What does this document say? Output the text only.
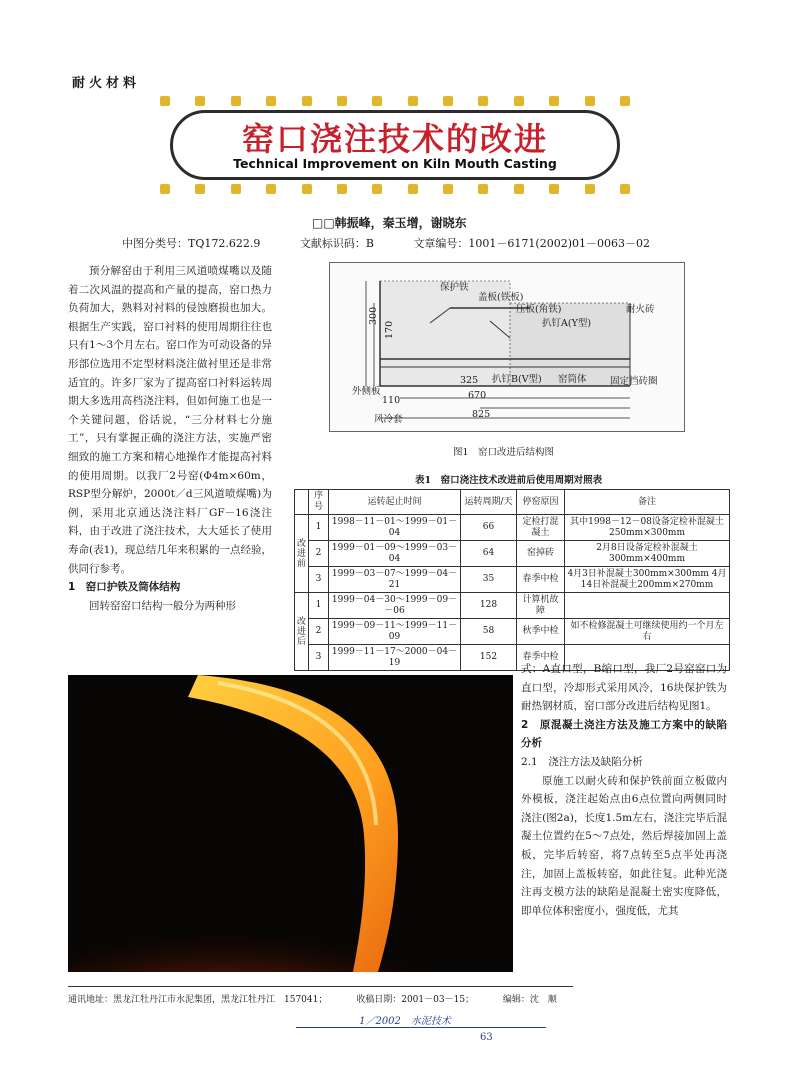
耐火材料
窑口浇注技术的改进
Technical Improvement on Kiln Mouth Casting
□□韩振峰，秦玉增，谢晓东
中图分类号：TQ172.622.9	文献标识码：B	文章编号：1001－6171(2002)01－0063－02

预分解窑由于利用三风道喷煤嘴以及随着二次风温的提高和产量的提高，窑口热力负荷加大，熟料对衬料的侵蚀磨损也加大。根据生产实践，窑口衬料的使用周期往往也只有1～3个月左右。窑口作为可动设备的异形部位选用不定型材料浇注做衬里还是非常适宜的。许多厂家为了提高窑口衬料运转周期大多选用高档浇注料，但如何施工也是一个关键问题，俗话说，“三分材料七分施工”，只有掌握正确的浇注方法，实施严密细致的施工方案和精心地操作才能提高衬料的使用周期。以我厂2号窑(Φ4m×60m，RSP型分解炉，2000t／d三风道喷煤嘴)为例，采用北京通达浇注料厂GF－16浇注料，由于改进了浇注技术，大大延长了使用寿命(表1)，现总结几年来积累的一点经验，供同行参考。

1　窑口护铁及筒体结构

回转窑窑口结构一般分为两种形

保护铁
盖板(铁板)
压板(角铁)
扒钉A(Y型)
耐火砖
扒钉B(V型) 窑筒体 固定挡砖圈
外侧板
风冷套
300
170
325
110	670
825
图1　窑口改进后结构图
表1　窑口浇注技术改进前后使用周期对照表
	序号	运转起止时间	运转周期/天	停窑原因	备注
改进前	1	1998－11－01～1999－01－04	66	定检打混凝土	其中1998－12－08设备定检补混凝土250mm×300mm
	2	1999－01－09～1999－03－04	64	窑掉砖	2月8日设备定检补混凝土300mm×400mm
	3	1999－03－07～1999－04－21	35	春季中检	4月3日补混凝土300mm×300mm 4月14日补混凝土200mm×270mm
改进后	1	1999－04－30～1999－09－－06	128	计算机故障	
	2	1999－09－11～1999－11－09	58	秋季中检	如不检修混凝土可继续使用约一个月左右
	3	1999－11－17～2000－04－19	152	春季中检	

式：A直口型，B缩口型，我厂2号窑窑口为直口型，冷却形式采用风冷，16块保护铁为耐热钢材质，窑口部分改进后结构见图1。

2　原混凝土浇注方法及施工方案中的缺陷分析

2.1　浇注方法及缺陷分析

原施工以耐火砖和保护铁前面立板做内外模板，浇注起始点由6点位置向两侧同时浇注(图2a)，长度1.5m左右，浇注完毕后混凝土位置约在5～7点处，然后焊接加固上盖板，完毕后转窑，将7点转至5点半处再浇注，加固上盖板转窑，如此往复。此种光浇注再支模方法的缺陷是混凝土密实度降低，即单位体积密度小，强度低，尤其

通讯地址：黑龙江牡丹江市水泥集团，黑龙江牡丹江　157041；	收稿日期：2001－03－15；	编辑：沈　顺
1／2002　水泥技术
63
